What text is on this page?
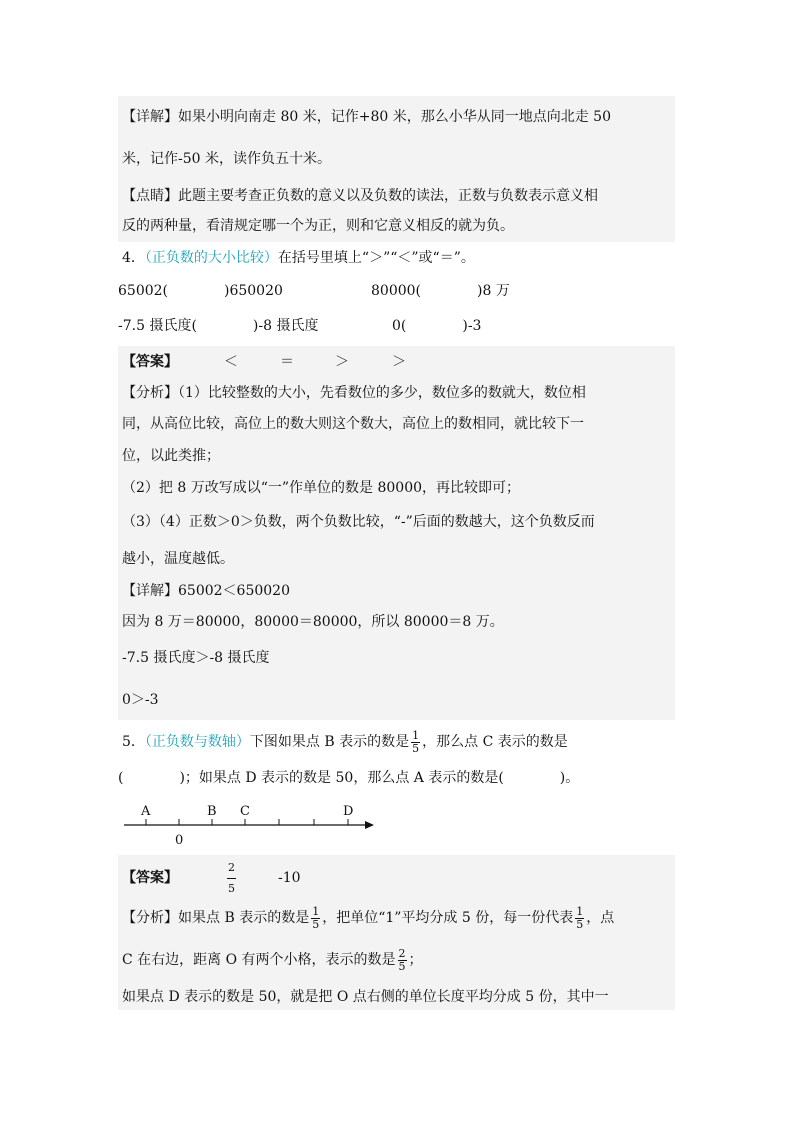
【详解】如果小明向南走 80 米，记作+80 米，那么小华从同一地点向北走 50
米，记作-50 米，读作负五十米。
【点睛】此题主要考查正负数的意义以及负数的读法，正数与负数表示意义相
反的两种量，看清规定哪一个为正，则和它意义相反的就为负。
4．（正负数的大小比较）在括号里填上“＞”“＜”或“＝”。
65002(　　　　)650020	80000(　　　　)8 万
-7.5 摄氏度(　　　　)-8 摄氏度	0(　　　　)-3
【答案】	＜	＝	＞	＞
【分析】（1）比较整数的大小，先看数位的多少，数位多的数就大，数位相
同，从高位比较，高位上的数大则这个数大，高位上的数相同，就比较下一
位，以此类推；
（2）把 8 万改写成以“一”作单位的数是 80000，再比较即可；
（3）（4）正数＞0＞负数，两个负数比较，“-”后面的数越大，这个负数反而
越小，温度越低。
【详解】65002＜650020
因为 8 万＝80000，80000＝80000，所以 80000＝8 万。
-7.5 摄氏度＞-8 摄氏度
0＞-3
5．（正负数与数轴）下图如果点 B 表示的数是 $\frac{1}{5}$ ，那么点 C 表示的数是
(　　　　)；如果点 D 表示的数是 50，那么点 A 表示的数是(　　　　)。
A	B C	D
0
【答案】	$\frac{2}{5}$	-10
【分析】如果点 B 表示的数是 $\frac{1}{5}$ ，把单位“1”平均分成 5 份，每一份代表 $\frac{1}{5}$ ，点
C 在右边，距离 O 有两个小格，表示的数是 $\frac{2}{5}$ ；
如果点 D 表示的数是 50，就是把 O 点右侧的单位长度平均分成 5 份，其中一
